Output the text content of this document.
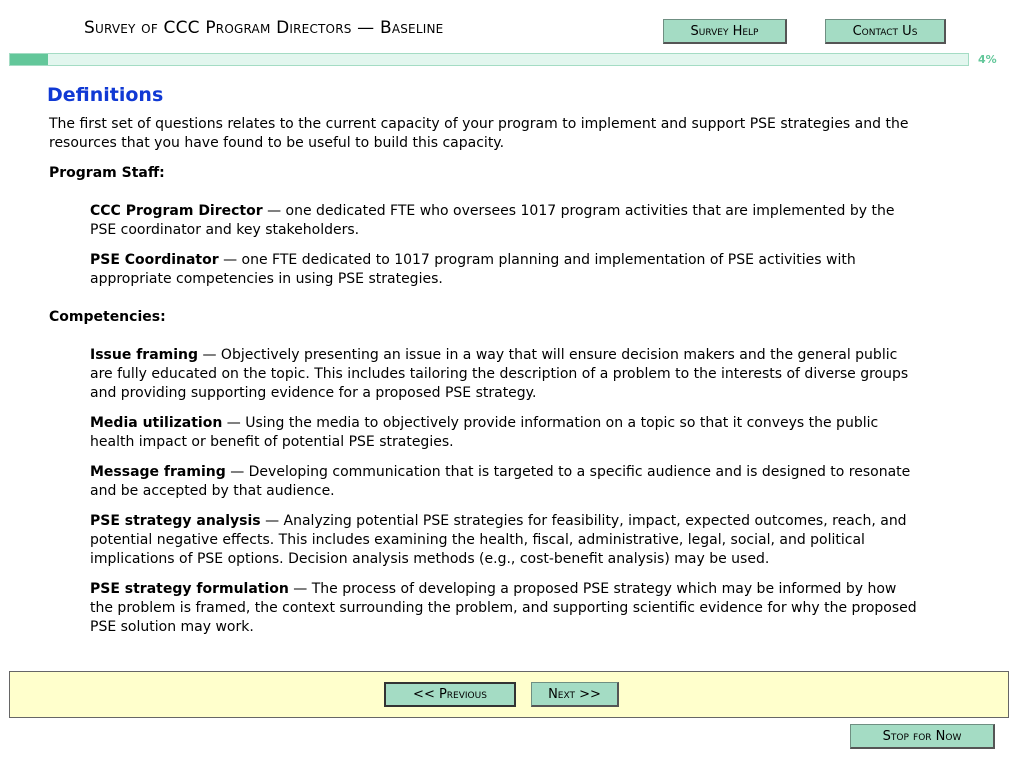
Survey of CCC Program Directors — Baseline	Survey Help	Contact Us
4%
Definitions
The first set of questions relates to the current capacity of your program to implement and support PSE strategies and the resources that you have found to be useful to build this capacity.
Program Staff:
CCC Program Director — one dedicated FTE who oversees 1017 program activities that are implemented by the PSE coordinator and key stakeholders.
PSE Coordinator — one FTE dedicated to 1017 program planning and implementation of PSE activities with appropriate competencies in using PSE strategies.
Competencies:
Issue framing — Objectively presenting an issue in a way that will ensure decision makers and the general public are fully educated on the topic. This includes tailoring the description of a problem to the interests of diverse groups and providing supporting evidence for a proposed PSE strategy.
Media utilization — Using the media to objectively provide information on a topic so that it conveys the public health impact or benefit of potential PSE strategies.
Message framing — Developing communication that is targeted to a specific audience and is designed to resonate and be accepted by that audience.
PSE strategy analysis — Analyzing potential PSE strategies for feasibility, impact, expected outcomes, reach, and potential negative effects. This includes examining the health, fiscal, administrative, legal, social, and political implications of PSE options. Decision analysis methods (e.g., cost-benefit analysis) may be used.
PSE strategy formulation — The process of developing a proposed PSE strategy which may be informed by how the problem is framed, the context surrounding the problem, and supporting scientific evidence for why the proposed PSE solution may work.
<< Previous	Next >>
Stop for Now
